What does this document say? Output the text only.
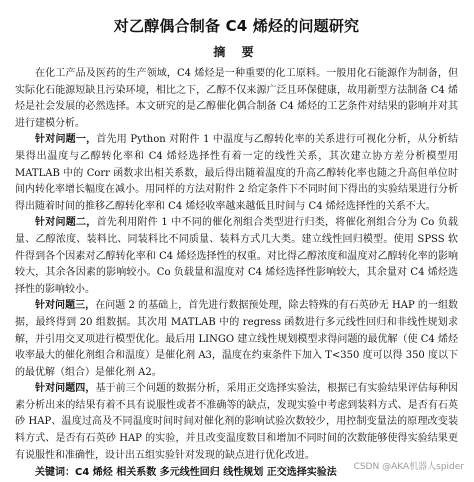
对乙醇偶合制备 C4 烯烃的问题研究
摘 要
在化工产品及医药的生产领域，C4 烯烃是一种重要的化工原料。一般用化石能源作为制备，但实际化石能源短缺且污染环境，相比之下，乙醇不仅来源广泛且环保健康，故用新型方法制备 C4 烯烃是社会发展的必然选择。本文研究的是乙醇催化偶合制备 C4 烯烃的工艺条件对结果的影响并对其进行建模分析。
针对问题一，首先用 Python 对附件 1 中温度与乙醇转化率的关系进行可视化分析，从分析结果得出温度与乙醇转化率和 C4 烯烃选择性有着一定的线性关系，其次建立协方差分析模型用 MATLAB 中的 Corr 函数求出相关系数，最后得出随着温度的升高乙醇转化率也随之升高但单位时间内转化率增长幅度在减小。用同样的方法对附件 2 给定条件下不同时间下得出的实验结果进行分析得出随着时间的推移乙醇转化率和 C4 烯烃收率越来越低且时间与 C4 烯烃选择性的关系不大。
针对问题二，首先利用附件 1 中不同的催化剂组合类型进行归类，将催化剂组合分为 Co 负载量、乙醇浓度、装料比、同装料比不同质量、装料方式几大类。建立线性回归模型。使用 SPSS 软件得到各个因素对乙醇转化率和 C4 烯烃选择性的权重。对比得乙醇浓度和温度对乙醇转化率的影响较大，其余各因素的影响较小。Co 负载量和温度对 C4 烯烃选择性影响较大，其余量对 C4 烯烃选择性的影响较小。
针对问题三，在问题 2 的基础上，首先进行数据预处理，除去特殊的有石英砂无 HAP 的一组数据，最终得到 20 组数据。其次用 MATLAB 中的 regress 函数进行多元线性回归和非线性规划求解，并引用交叉项进行模型优化。最后用 LINGO 建立线性规划模型求得问题的最优解（使 C4 烯烃收率最大的催化剂组合和温度）是催化剂 A3，温度在约束条件下加入 T<350 度可以得 350 度以下的最优解（组合）是催化剂 A2。
针对问题四，基于前三个问题的数据分析，采用正交选择实验法，根据已有实验结果评估每种因素分析出来的结果有着不具有说服性或者不准确等的缺点，发现实验中考虑到装料方式、是否有石英砂 HAP、温度过高及不同温度时间时间对催化剂的影响试验次数较少，用控制变量法的原理改变装料方式、是否有石英砂 HAP 的实验，并且改变温度数目和增加不同时间的次数能够使得实验结果更有说服性和准确性，设计出五组实验针对发现的缺点进行优化改进。
关键词：C4 烯烃 相关系数 多元线性回归 线性规划 正交选择实验法
CSDN @AKA机器人spider
